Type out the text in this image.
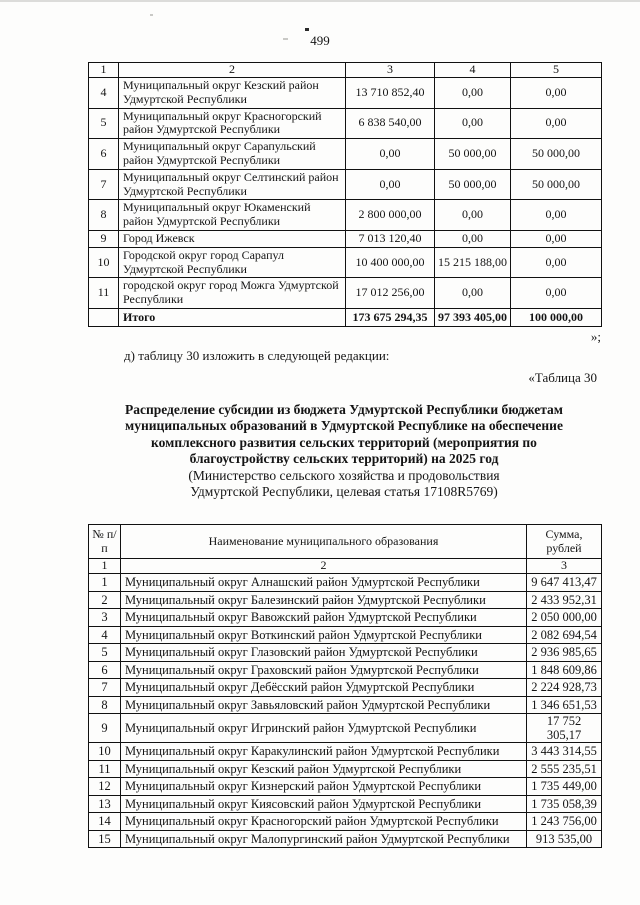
499
1	2	3	4	5
4	Муниципальный округ Кезский район Удмуртской Республики	13 710 852,40	0,00	0,00
5	Муниципальный округ Красногорский район Удмуртской Республики	6 838 540,00	0,00	0,00
6	Муниципальный округ Сарапульский район Удмуртской Республики	0,00	50 000,00	50 000,00
7	Муниципальный округ Селтинский район Удмуртской Республики	0,00	50 000,00	50 000,00
8	Муниципальный округ Юкаменский район Удмуртской Республики	2 800 000,00	0,00	0,00
9	Город Ижевск	7 013 120,40	0,00	0,00
10	Городской округ город Сарапул Удмуртской Республики	10 400 000,00	15 215 188,00	0,00
11	городской округ город Можга Удмуртской Республики	17 012 256,00	0,00	0,00
	Итого	173 675 294,35	97 393 405,00	100 000,00
»;
д) таблицу 30 изложить в следующей редакции:
«Таблица 30
Распределение субсидии из бюджета Удмуртской Республики бюджетам
муниципальных образований в Удмуртской Республике на обеспечение
комплексного развития сельских территорий (мероприятия по
благоустройству сельских территорий) на 2025 год
(Министерство сельского хозяйства и продовольствия
Удмуртской Республики, целевая статья 17108R5769)
№ п/п	Наименование муниципального образования	Сумма, рублей
1	2	3
1	Муниципальный округ Алнашский район Удмуртской Республики	9 647 413,47
2	Муниципальный округ Балезинский район Удмуртской Республики	2 433 952,31
3	Муниципальный округ Вавожский район Удмуртской Республики	2 050 000,00
4	Муниципальный округ Воткинский район Удмуртской Республики	2 082 694,54
5	Муниципальный округ Глазовский район Удмуртской Республики	2 936 985,65
6	Муниципальный округ Граховский район Удмуртской Республики	1 848 609,86
7	Муниципальный округ Дебёсский район Удмуртской Республики	2 224 928,73
8	Муниципальный округ Завьяловский район Удмуртской Республики	1 346 651,53
9	Муниципальный округ Игринский район Удмуртской Республики	17 752 305,17
10	Муниципальный округ Каракулинский район Удмуртской Республики	3 443 314,55
11	Муниципальный округ Кезский район Удмуртской Республики	2 555 235,51
12	Муниципальный округ Кизнерский район Удмуртской Республики	1 735 449,00
13	Муниципальный округ Киясовский район Удмуртской Республики	1 735 058,39
14	Муниципальный округ Красногорский район Удмуртской Республики	1 243 756,00
15	Муниципальный округ Малопургинский район Удмуртской Республики	913 535,00
